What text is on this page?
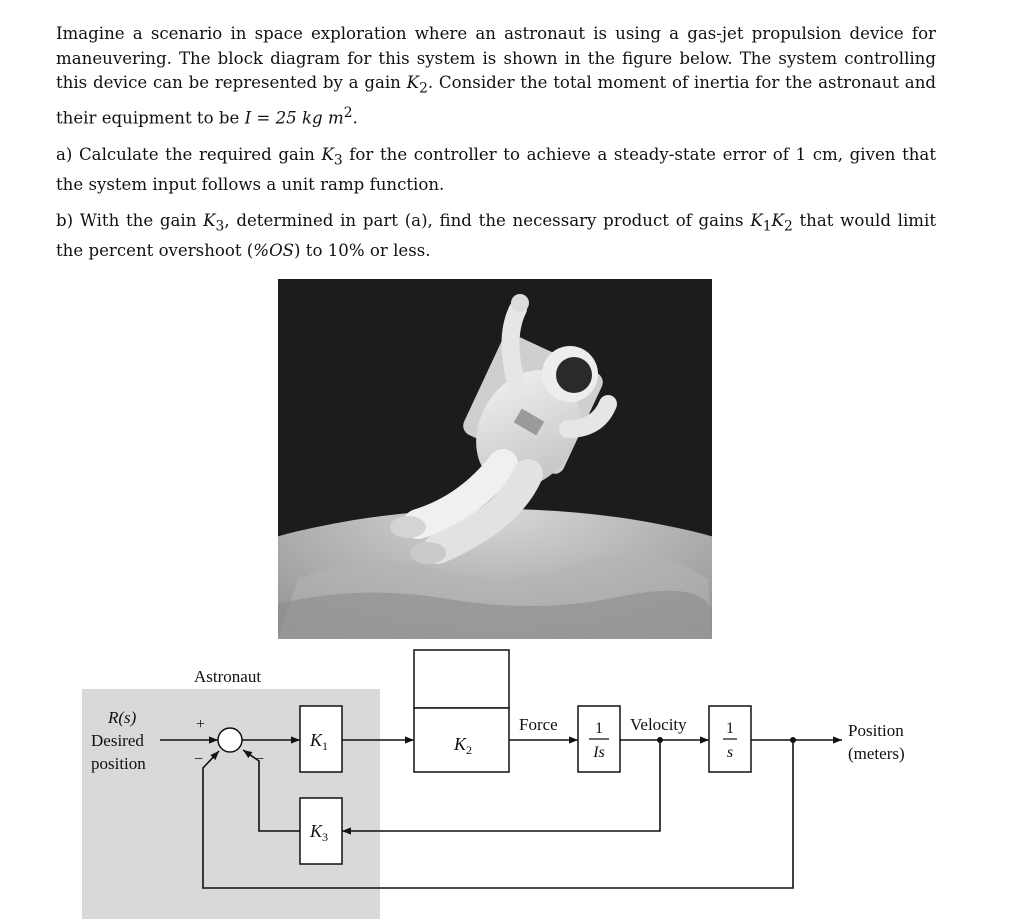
Imagine a scenario in space exploration where an astronaut is using a gas-jet propulsion device for maneuvering. The block diagram for this system is shown in the figure below. The system controlling this device can be represented by a gain $K_2$. Consider the total moment of inertia for the astronaut and their equipment to be I = 25 kg $m^2$.

a) Calculate the required gain $K_3$ for the controller to achieve a steady-state error of 1 cm, given that the system input follows a unit ramp function.

b) With the gain $K_3$, determined in part (a), find the necessary product of gains $K_1K_2$ that would limit the percent overshoot (%OS) to 10% or less.

Astronaut
R(s)
Desired
position
$K_2$
+
−	−
$K_1$
$K_3$
1
Is
1
s
Force	Velocity	Position
(meters)
